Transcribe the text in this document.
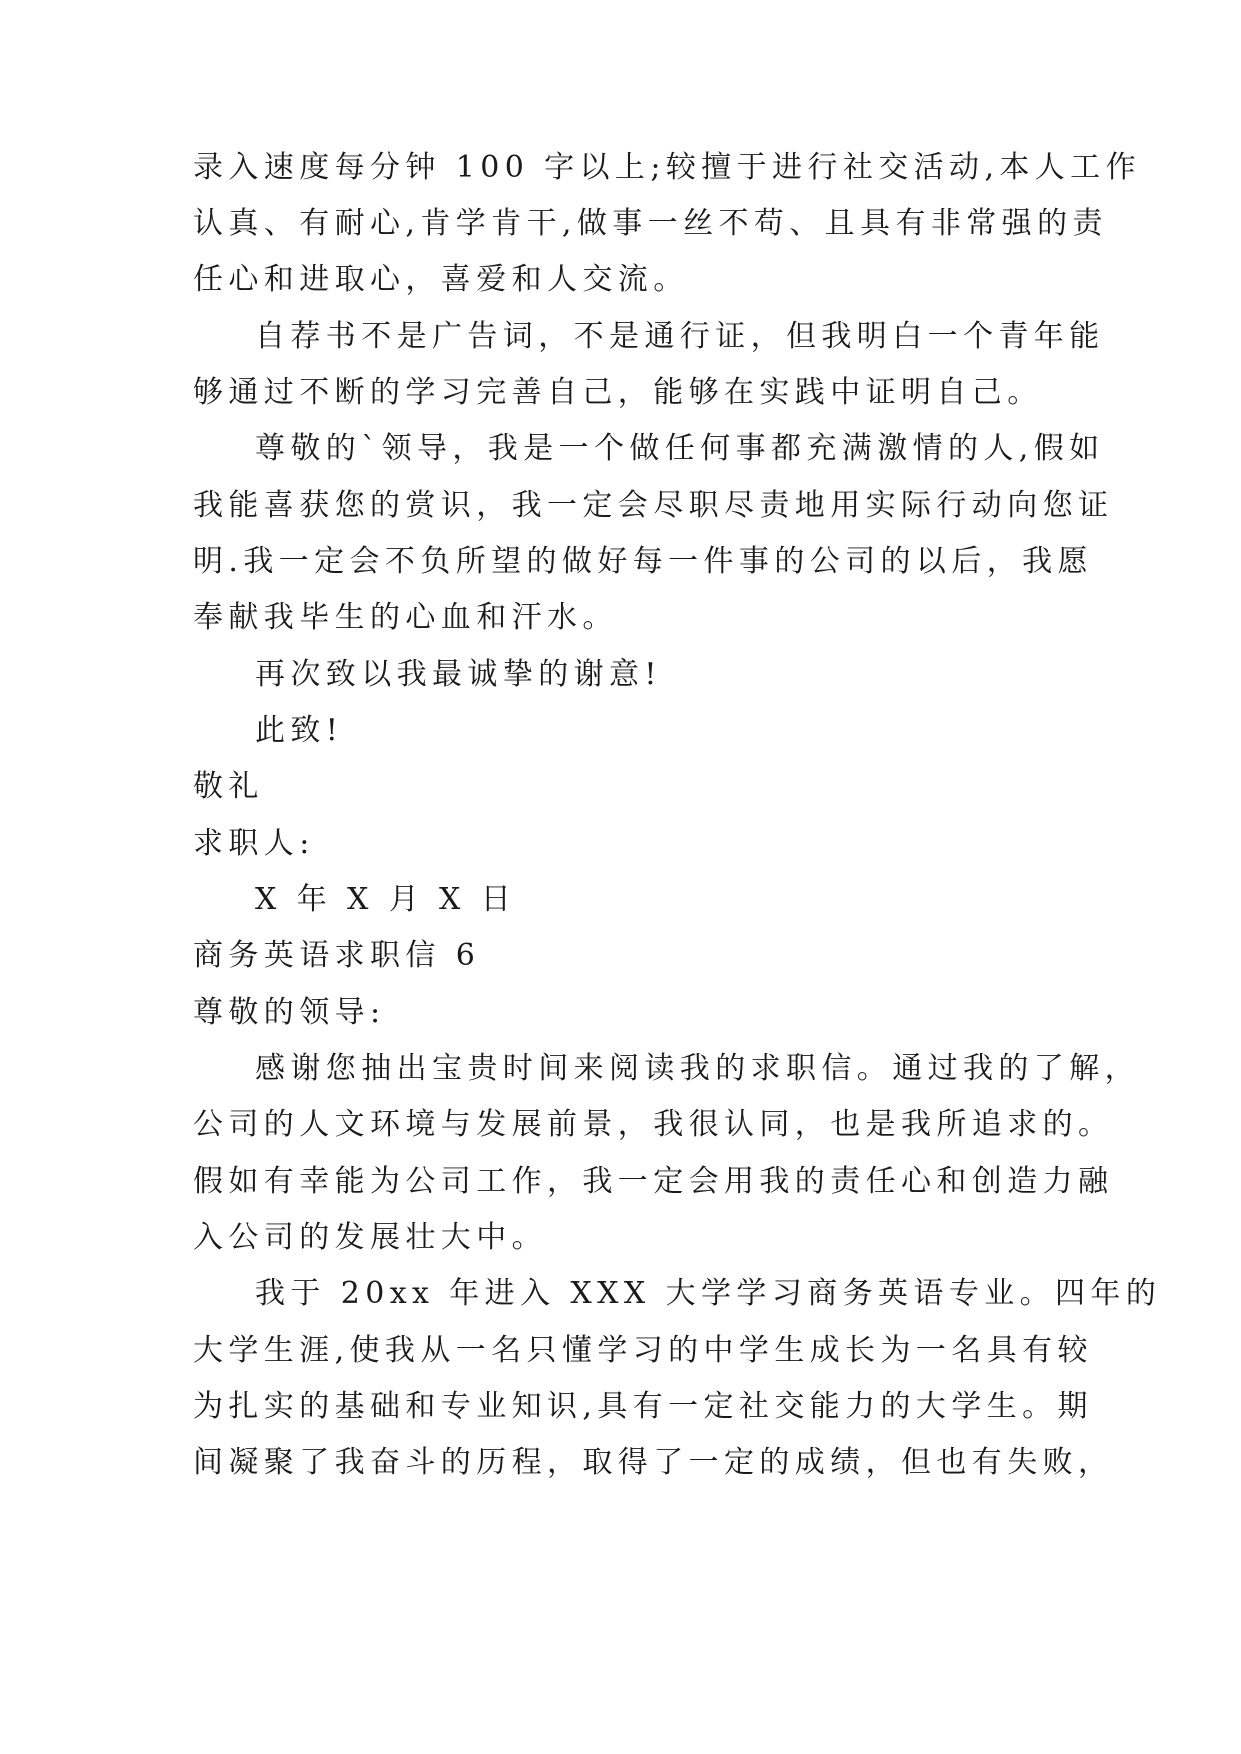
录入速度每分钟 100 字以上;较擅于进行社交活动,本人工作
认真、有耐心,肯学肯干,做事一丝不苟、且具有非常强的责
任心和进取心，喜爱和人交流。
自荐书不是广告词，不是通行证，但我明白一个青年能
够通过不断的学习完善自己，能够在实践中证明自己。
尊敬的`领导，我是一个做任何事都充满激情的人,假如
我能喜获您的赏识，我一定会尽职尽责地用实际行动向您证
明.我一定会不负所望的做好每一件事的公司的以后，我愿
奉献我毕生的心血和汗水。
再次致以我最诚挚的谢意!
此致!
敬礼
求职人:
X 年 X 月 X 日
商务英语求职信 6
尊敬的领导:
感谢您抽出宝贵时间来阅读我的求职信。通过我的了解，
公司的人文环境与发展前景，我很认同，也是我所追求的。
假如有幸能为公司工作，我一定会用我的责任心和创造力融
入公司的发展壮大中。
我于 20xx 年进入 XXX 大学学习商务英语专业。四年的
大学生涯,使我从一名只懂学习的中学生成长为一名具有较
为扎实的基础和专业知识,具有一定社交能力的大学生。期
间凝聚了我奋斗的历程，取得了一定的成绩，但也有失败，
